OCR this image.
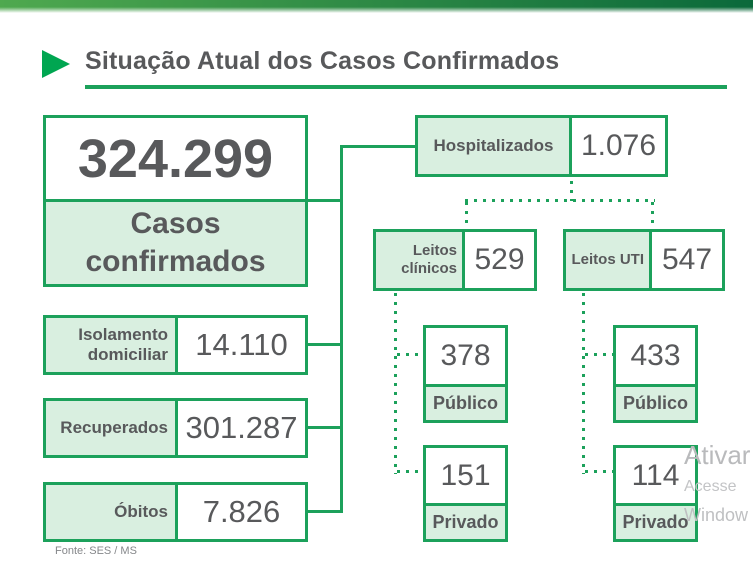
Situação Atual dos Casos Confirmados
324.299
Casos confirmados
Isolamento domiciliar 14.110
Recuperados 301.287
Óbitos	7.826
Hospitalizados 1.076
Leitos clínicos 529	Leitos UTI 547
378
Público
433
Público
151
Privado
114
Privado
Fonte: SES / MS
Ativar
Acesse
Window
